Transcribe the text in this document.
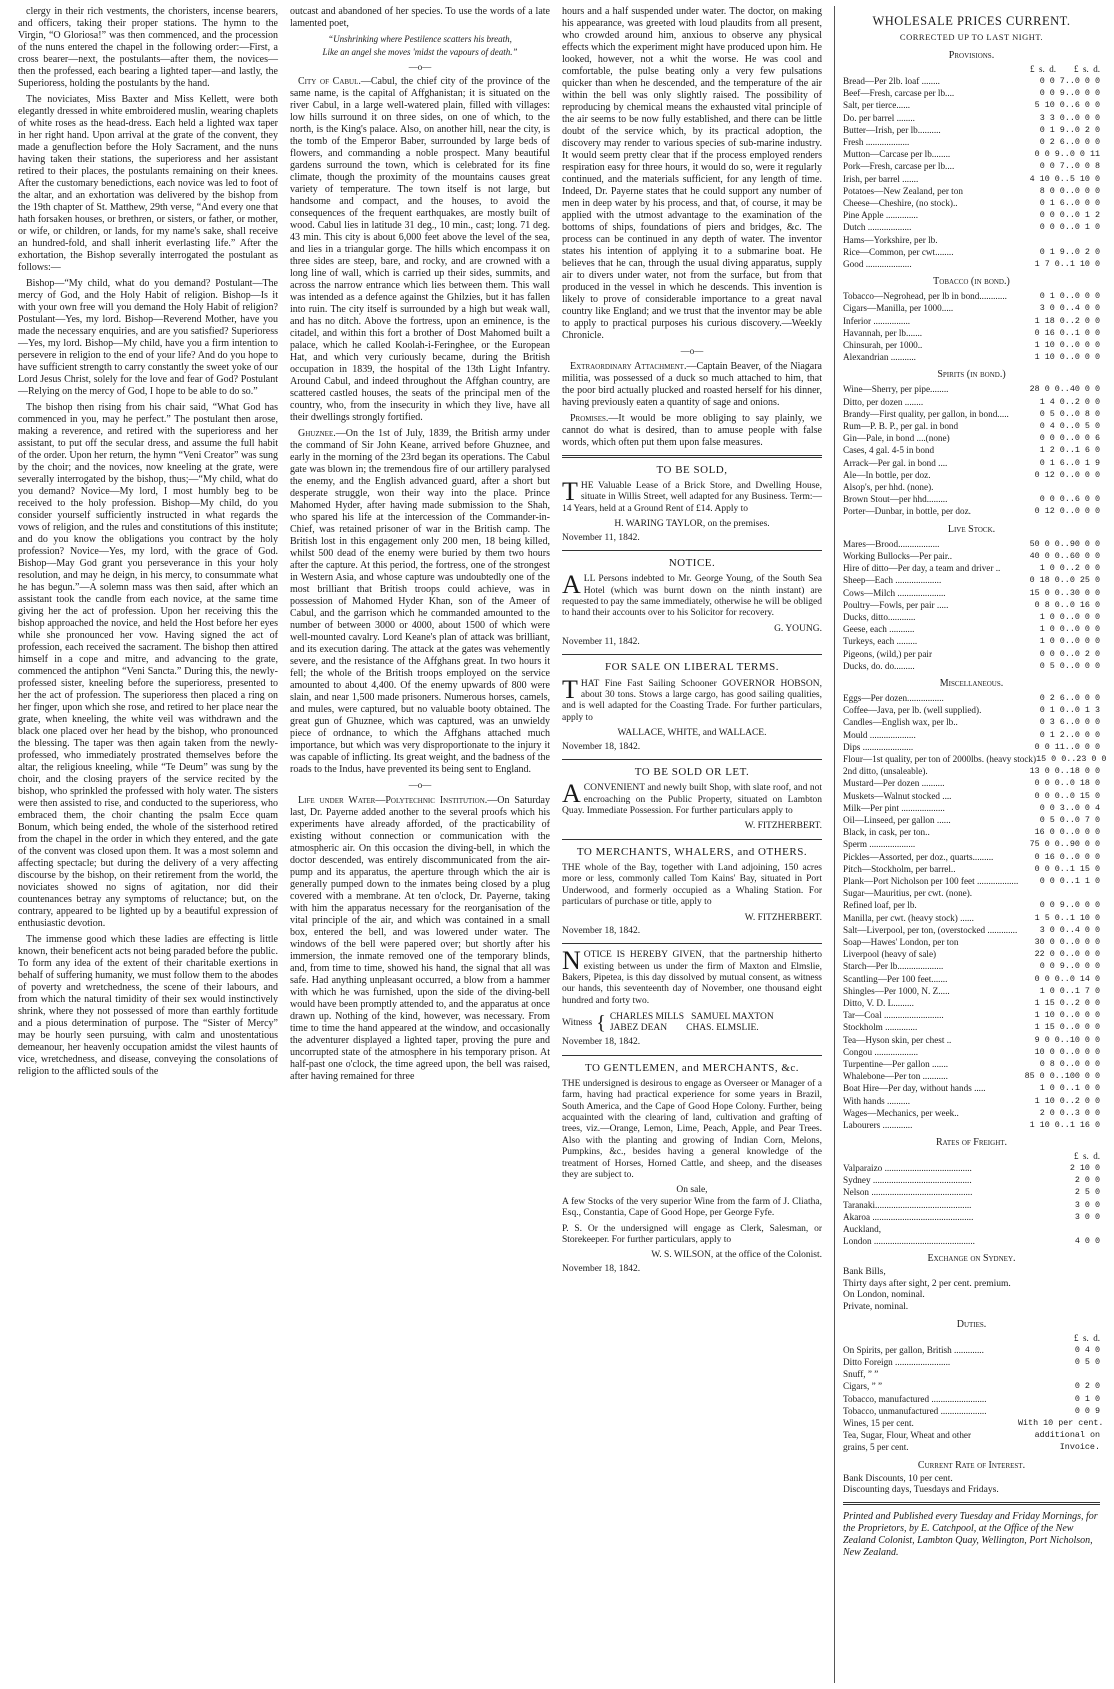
clergy in their rich vestments, the choristers, incense bearers, and officers, taking their proper stations. The hymn to the Virgin, “O Gloriosa!” was then commenced, and the procession of the nuns entered the chapel in the following order:—First, a cross bearer—next, the postulants—after them, the novices—then the professed, each bearing a lighted taper—and lastly, the Superioress, holding the postulants by the hand.

The noviciates, Miss Baxter and Miss Kellett, were both elegantly dressed in white embroidered muslin, wearing chaplets of white roses as the head-dress. Each held a lighted wax taper in her right hand. Upon arrival at the grate of the convent, they made a genuflection before the Holy Sacrament, and the nuns having taken their stations, the superioress and her assistant retired to their places, the postulants remaining on their knees. After the customary benedictions, each novice was led to foot of the altar, and an exhortation was delivered by the bishop from the 19th chapter of St. Matthew, 29th verse, “And every one that hath forsaken houses, or brethren, or sisters, or father, or mother, or wife, or children, or lands, for my name's sake, shall receive an hundred-fold, and shall inherit everlasting life.” After the exhortation, the Bishop severally interrogated the postulant as follows:—

Bishop—“My child, what do you demand? Postulant—The mercy of God, and the Holy Habit of religion. Bishop—Is it with your own free will you demand the Holy Habit of religion? Postulant—Yes, my lord. Bishop—Reverend Mother, have you made the necessary enquiries, and are you satisfied? Superioress—Yes, my lord. Bishop—My child, have you a firm intention to persevere in religion to the end of your life? And do you hope to have sufficient strength to carry constantly the sweet yoke of our Lord Jesus Christ, solely for the love and fear of God? Postulant—Relying on the mercy of God, I hope to be able to do so.”

The bishop then rising from his chair said, “What God has commenced in you, may he perfect.” The postulant then arose, making a reverence, and retired with the superioress and her assistant, to put off the secular dress, and assume the full habit of the order. Upon her return, the hymn “Veni Creator” was sung by the choir; and the novices, now kneeling at the grate, were severally interrogated by the bishop, thus;—“My child, what do you demand? Novice—My lord, I most humbly beg to be received to the holy profession. Bishop—My child, do you consider yourself sufficiently instructed in what regards the vows of religion, and the rules and constitutions of this institute; and do you know the obligations you contract by the holy profession? Novice—Yes, my lord, with the grace of God. Bishop—May God grant you perseverance in this your holy resolution, and may he deign, in his mercy, to consummate what he has begun.”—A solemn mass was then said, after which an assistant took the candle from each novice, at the same time giving her the act of profession. Upon her receiving this the bishop approached the novice, and held the Host before her eyes while she pronounced her vow. Having signed the act of profession, each received the sacrament. The bishop then attired himself in a cope and mitre, and advancing to the grate, commenced the antiphon “Veni Sancta.” During this, the newly-professed sister, kneeling before the superioress, presented to her the act of profession. The superioress then placed a ring on her finger, upon which she rose, and retired to her place near the grate, when kneeling, the white veil was withdrawn and the black one placed over her head by the bishop, who pronounced the blessing. The taper was then again taken from the newly-professed, who immediately prostrated themselves before the altar, the religious kneeling, while “Te Deum” was sung by the choir, and the closing prayers of the service recited by the bishop, who sprinkled the professed with holy water. The sisters were then assisted to rise, and conducted to the superioress, who embraced them, the choir chanting the psalm Ecce quam Bonum, which being ended, the whole of the sisterhood retired from the chapel in the order in which they entered, and the gate of the convent was closed upon them. It was a most solemn and affecting spectacle; but during the delivery of a very affecting discourse by the bishop, on their retirement from the world, the noviciates showed no signs of agitation, nor did their countenances betray any symptoms of reluctance; but, on the contrary, appeared to be lighted up by a beautiful expression of enthusiastic devotion.

The immense good which these ladies are effecting is little known, their beneficent acts not being paraded before the public. To form any idea of the extent of their charitable exertions in behalf of suffering humanity, we must follow them to the abodes of poverty and wretchedness, the scene of their labours, and from which the natural timidity of their sex would instinctively shrink, where they not possessed of more than earthly fortitude and a pious determination of purpose. The “Sister of Mercy” may be hourly seen pursuing, with calm and unostentatious demeanour, her heavenly occupation amidst the vilest haunts of vice, wretchedness, and disease, conveying the consolations of religion to the afflicted souls of the

outcast and abandoned of her species. To use the words of a late lamented poet,

“Unshrinking where Pestilence scatters his breath,
Like an angel she moves 'midst the vapours of death.”
—o—

City of Cabul.—Cabul, the chief city of the province of the same name, is the capital of Affghanistan; it is situated on the river Cabul, in a large well-watered plain, filled with villages: low hills surround it on three sides, on one of which, to the north, is the King's palace. Also, on another hill, near the city, is the tomb of the Emperor Baber, surrounded by large beds of flowers, and commanding a noble prospect. Many beautiful gardens surround the town, which is celebrated for its fine climate, though the proximity of the mountains causes great variety of temperature. The town itself is not large, but handsome and compact, and the houses, to avoid the consequences of the frequent earthquakes, are mostly built of wood. Cabul lies in latitude 31 deg., 10 min., cast; long. 71 deg. 43 min. This city is about 6,000 feet above the level of the sea, and lies in a triangular gorge. The hills which encompass it on three sides are steep, bare, and rocky, and are crowned with a long line of wall, which is carried up their sides, summits, and across the narrow entrance which lies between them. This wall was intended as a defence against the Ghilzies, but it has fallen into ruin. The city itself is surrounded by a high but weak wall, and has no ditch. Above the fortress, upon an eminence, is the citadel, and within this fort a brother of Dost Mahomed built a palace, which he called Koolah-i-Feringhee, or the European Hat, and which very curiously became, during the British occupation in 1839, the hospital of the 13th Light Infantry. Around Cabul, and indeed throughout the Affghan country, are scattered castled houses, the seats of the principal men of the country, who, from the insecurity in which they live, have all their dwellings strongly fortified.

Ghuznee.—On the 1st of July, 1839, the British army under the command of Sir John Keane, arrived before Ghuznee, and early in the morning of the 23rd began its operations. The Cabul gate was blown in; the tremendous fire of our artillery paralysed the enemy, and the English advanced guard, after a short but desperate struggle, won their way into the place. Prince Mahomed Hyder, after having made submission to the Shah, who spared his life at the intercession of the Commander-in-Chief, was retained prisoner of war in the British camp. The British lost in this engagement only 200 men, 18 being killed, whilst 500 dead of the enemy were buried by them two hours after the capture. At this period, the fortress, one of the strongest in Western Asia, and whose capture was undoubtedly one of the most brilliant that British troops could achieve, was in possession of Mahomed Hyder Khan, son of the Ameer of Cabul, and the garrison which he commanded amounted to the number of between 3000 or 4000, about 1500 of which were well-mounted cavalry. Lord Keane's plan of attack was brilliant, and its execution daring. The attack at the gates was vehemently severe, and the resistance of the Affghans great. In two hours it fell; the whole of the British troops employed on the service amounted to about 4,400. Of the enemy upwards of 800 were slain, and near 1,500 made prisoners. Numerous horses, camels, and mules, were captured, but no valuable booty obtained. The great gun of Ghuznee, which was captured, was an unwieldy piece of ordnance, to which the Affghans attached much importance, but which was very disproportionate to the injury it was capable of inflicting. Its great weight, and the badness of the roads to the Indus, have prevented its being sent to England.

—o—

Life under Water—Polytechnic Institution.—On Saturday last, Dr. Payerne added another to the several proofs which his experiments have already afforded, of the practicability of existing without connection or communication with the atmospheric air. On this occasion the diving-bell, in which the doctor descended, was entirely discommunicated from the air-pump and its apparatus, the aperture through which the air is generally pumped down to the inmates being closed by a plug covered with a membrane. At ten o'clock, Dr. Payerne, taking with him the apparatus necessary for the reorganisation of the vital principle of the air, and which was contained in a small box, entered the bell, and was lowered under water. The windows of the bell were papered over; but shortly after his immersion, the inmate removed one of the temporary blinds, and, from time to time, showed his hand, the signal that all was safe. Had anything unpleasant occurred, a blow from a hammer with which he was furnished, upon the side of the diving-bell would have been promptly attended to, and the apparatus at once drawn up. Nothing of the kind, however, was necessary. From time to time the hand appeared at the window, and occasionally the adventurer displayed a lighted taper, proving the pure and uncorrupted state of the atmosphere in his temporary prison. At half-past one o'clock, the time agreed upon, the bell was raised, after having remained for three

hours and a half suspended under water. The doctor, on making his appearance, was greeted with loud plaudits from all present, who crowded around him, anxious to observe any physical effects which the experiment might have produced upon him. He looked, however, not a whit the worse. He was cool and comfortable, the pulse beating only a very few pulsations quicker than when he descended, and the temperature of the air within the bell was only slightly raised. The possibility of reproducing by chemical means the exhausted vital principle of the air seems to be now fully established, and there can be little doubt of the service which, by its practical adoption, the discovery may render to various species of sub-marine industry. It would seem pretty clear that if the process employed renders respiration easy for three hours, it would do so, were it regularly continued, and the materials sufficient, for any length of time. Indeed, Dr. Payerne states that he could support any number of men in deep water by his process, and that, of course, it may be applied with the utmost advantage to the examination of the bottoms of ships, foundations of piers and bridges, &c. The process can be continued in any depth of water. The inventor states his intention of applying it to a submarine boat. He believes that he can, through the usual diving apparatus, supply air to divers under water, not from the surface, but from that produced in the vessel in which he descends. This invention is likely to prove of considerable importance to a great naval country like England; and we trust that the inventor may be able to apply to practical purposes his curious discovery.—Weekly Chronicle.

—o—

Extraordinary Attachment.—Captain Beaver, of the Niagara militia, was possessed of a duck so much attached to him, that the poor bird actually plucked and roasted herself for his dinner, having previously eaten a quantity of sage and onions.

Promises.—It would be more obliging to say plainly, we cannot do what is desired, than to amuse people with false words, which often put them upon false measures.

TO BE SOLD,

THE Valuable Lease of a Brick Store, and Dwelling House, situate in Willis Street, well adapted for any Business. Term:—14 Years, held at a Ground Rent of £14. Apply to

H. WARING TAYLOR, on the premises.
November 11, 1842.
NOTICE.

ALL Persons indebted to Mr. George Young, of the South Sea Hotel (which was burnt down on the ninth instant) are requested to pay the same immediately, otherwise he will be obliged to hand their accounts over to his Solicitor for recovery.

G. YOUNG.
November 11, 1842.
FOR SALE ON LIBERAL TERMS.

THAT Fine Fast Sailing Schooner GOVERNOR HOBSON, about 30 tons. Stows a large cargo, has good sailing qualities, and is well adapted for the Coasting Trade. For further particulars, apply to

WALLACE, WHITE, and WALLACE.
November 18, 1842.
TO BE SOLD OR LET.

ACONVENIENT and newly built Shop, with slate roof, and not encroaching on the Public Property, situated on Lambton Quay. Immediate Possession. For further particulars apply to

W. FITZHERBERT.
TO MERCHANTS, WHALERS, and OTHERS.

THE whole of the Bay, together with Land adjoining, 150 acres more or less, commonly called Tom Kains' Bay, situated in Port Underwood, and formerly occupied as a Whaling Station. For particulars of purchase or title, apply to

W. FITZHERBERT.
November 18, 1842.

NOTICE IS HEREBY GIVEN, that the partnership hitherto existing between us under the firm of Maxton and Elmslie, Bakers, Pipetea, is this day dissolved by mutual consent, as witness our hands, this seventeenth day of November, one thousand eight hundred and forty two.

Witness { CHARLES MILLS   SAMUEL MAXTON
JABEZ DEAN        CHAS. ELMSLIE.
November 18, 1842.
TO GENTLEMEN, and MERCHANTS, &c.

THE undersigned is desirous to engage as Overseer or Manager of a farm, having had practical experience for some years in Brazil, South America, and the Cape of Good Hope Colony. Further, being acquainted with the clearing of land, cultivation and grafting of trees, viz.—Orange, Lemon, Lime, Peach, Apple, and Pear Trees. Also with the planting and growing of Indian Corn, Melons, Pumpkins, &c., besides having a general knowledge of the treatment of Horses, Horned Cattle, and sheep, and the diseases they are subject to.

On sale,

A few Stocks of the very superior Wine from the farm of J. Cliatha, Esq., Constantia, Cape of Good Hope, per George Fyfe.

P. S. Or the undersigned will engage as Clerk, Salesman, or Storekeeper. For further particulars, apply to

W. S. WILSON, at the office of the Colonist.
November 18, 1842.
WHOLESALE PRICES CURRENT.
CORRECTED UP TO LAST NIGHT.
Provisions.
£  s.  d.        £  s.  d.
Bread—Per 2lb. loaf ........	0 0 7..0 0 0
Beef—Fresh, carcase per lb....	0 0 9..0 0 0
Salt, per tierce......	5 10 0..6 0 0
Do. per barrel ........	3 3 0..0 0 0
Butter—Irish, per lb..........	0 1 9..0 2 0
Fresh ...................	0 2 6..0 0 0
Mutton—Carcase per lb........	0 0 9..0 0 11
Pork—Fresh, carcase per lb....	0 0 7..0 0 8
Irish, per barrel .......	4 10 0..5 10 0
Potatoes—New Zealand, per ton	8 0 0..0 0 0
Cheese—Cheshire, (no stock)..	0 1 6..0 0 0
Pine Apple ..............	0 0 0..0 1 2
Dutch ...................	0 0 0..0 1 0
Hams—Yorkshire, per lb.
Rice—Common, per cwt........	0 1 9..0 2 0
Good ....................	1 7 0..1 10 0
Tobacco (in bond.)
Tobacco—Negrohead, per lb in bond............	0 1 0..0 0 0
Cigars—Manilla, per 1000.....	3 0 0..4 0 0
Inferior ................	1 18 0..2 0 0
Havannah, per lb.......	0 16 0..1 0 0
Chinsurah, per 1000..	1 10 0..0 0 0
Alexandrian ...........	1 10 0..0 0 0
Spirits (in bond.)
Wine—Sherry, per pipe........	28 0 0..40 0 0
Ditto, per dozen ........	1 4 0..2 0 0
Brandy—First quality, per gallon, in bond.....	0 5 0..0 8 0
Rum—P. B. P., per gal. in bond	0 4 0..0 5 0
Gin—Pale, in bond ....(none)	0 0 0..0 0 6
Cases, 4 gal. 4-5 in bond	1 2 0..1 6 0
Arrack—Per gal. in bond ....	0 1 6..0 1 9
Ale—In bottle, per doz.	0 12 0..0 0 0
Alsop's, per hhd. (none).
Brown Stout—per hhd.........	0 0 0..6 0 0
Porter—Dunbar, in bottle, per doz.	0 12 0..0 0 0
Live Stock.
Mares—Brood..................	50 0 0..90 0 0
Working Bullocks—Per pair..	40 0 0..60 0 0
Hire of ditto—Per day, a team and driver ..	1 0 0..2 0 0
Sheep—Each ....................	0 18 0..0 25 0
Cows—Milch .....................	15 0 0..30 0 0
Poultry—Fowls, per pair .....	0 8 0..0 16 0
Ducks, ditto............	1 0 0..0 0 0
Geese, each ...........	1 0 0..0 0 0
Turkeys, each .........	1 0 0..0 0 0
Pigeons, (wild,) per pair	0 0 0..0 2 0
Ducks, do. do.........	0 5 0..0 0 0
Miscellaneous.
Eggs—Per dozen................	0 2 6..0 0 0
Coffee—Java, per lb. (well supplied).	0 1 0..0 1 3
Candles—English wax, per lb..	0 3 6..0 0 0
Mould ....................	0 1 2..0 0 0
Dips ......................	0 0 11..0 0 0
Flour—1st quality, per ton of 2000lbs. (heavy stock) 15 0 0..23 0 0
2nd ditto, (unsaleable).	13 0 0..18 0 0
Mustard—Per dozen ..........	0 0 0..0 18 0
Muskets—Walnut stocked ....	0 0 0..0 15 0
Milk—Per pint ...................	0 0 3..0 0 4
Oil—Linseed, per gallon ......	0 5 0..0 7 0
Black, in cask, per ton..	16 0 0..0 0 0
Sperm ....................	75 0 0..90 0 0
Pickles—Assorted, per doz., quarts.........	0 16 0..0 0 0
Pitch—Stockholm, per barrel..	0 0 0..1 15 0
Plank—Port Nicholson per 100 feet ..................	0 0 0..1 1 0
Sugar—Mauritius, per cwt. (none).
Refined loaf, per lb.	0 0 9..0 0 0
Manilla, per cwt. (heavy stock) ......	1 5 0..1 10 0
Salt—Liverpool, per ton, (overstocked .............	3 0 0..4 0 0
Soap—Hawes' London, per ton	30 0 0..0 0 0
Liverpool (heavy of sale)	22 0 0..0 0 0
Starch—Per lb....................	0 0 9..0 0 0
Scantling—Per 100 feet.......	0 0 0..0 14 0
Shingles—Per 1000, N. Z.....	1 0 0..1 7 0
Ditto, V. D. L.........	1 15 0..2 0 0
Tar—Coal ..........................	1 10 0..0 0 0
Stockholm ..............	1 15 0..0 0 0
Tea—Hyson skin, per chest ..	9 0 0..10 0 0
Congou ...................	10 0 0..0 0 0
Turpentine—Per gallon .......	0 8 0..0 0 0
Whalebone—Per ton ...........	85 0 0..100 0 0
Boat Hire—Per day, without hands .....	1 0 0..1 0 0
With hands ..........	1 10 0..2 0 0
Wages—Mechanics, per week..	2 0 0..3 0 0
Labourers .............	1 10 0..1 16 0
Rates of Freight.
£  s.  d.
Valparaizo ......................................	2 10 0
Sydney ...........................................	2 0 0
Nelson ............................................	2 5 0
Taranaki..........................................	3 0 0
Akaroa ............................................	3 0 0
Auckland,
London ............................................	4 0 0
Exchange on Sydney.
Bank Bills,
Thirty days after sight, 2 per cent. premium.
On London, nominal.
Private, nominal.
Duties.
£  s.  d.
On Spirits, per gallon, British .............	0 4 0
Ditto Foreign ........................	0 5 0
Snuff, ” ”
Cigars, ” ”	0 2 0
Tobacco, manufactured ........................	0 1 0
Tobacco, unmanufactured ....................	0 0 9
Wines, 15 per cent.	With 10 per cent.
Tea, Sugar, Flour, Wheat and other	additional on
grains, 5 per cent.	Invoice.
Current Rate of Interest.
Bank Discounts, 10 per cent.
Discounting days, Tuesdays and Fridays.
Printed and Published every Tuesday and Friday Mornings, for the Proprietors, by E. Catchpool, at the Office of the New Zealand Colonist, Lambton Quay, Wellington, Port Nicholson, New Zealand.
